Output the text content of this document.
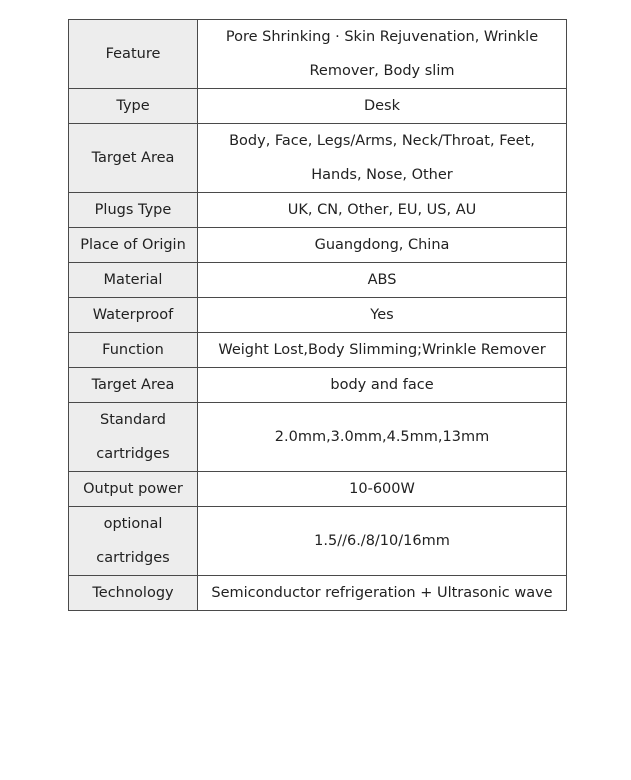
Feature	Pore Shrinking · Skin Rejuvenation, Wrinkle Remover, Body slim
Type	Desk
Target Area	Body, Face, Legs/Arms, Neck/Throat, Feet, Hands, Nose, Other
Plugs Type	UK, CN, Other, EU, US, AU
Place of Origin	Guangdong, China
Material	ABS
Waterproof	Yes
Function	Weight Lost,Body Slimming;Wrinkle Remover
Target Area	body and face
Standard cartridges	2.0mm,3.0mm,4.5mm,13mm
Output power	10-600W
optional cartridges	1.5//6./8/10/16mm
Technology	Semiconductor refrigeration + Ultrasonic wave
